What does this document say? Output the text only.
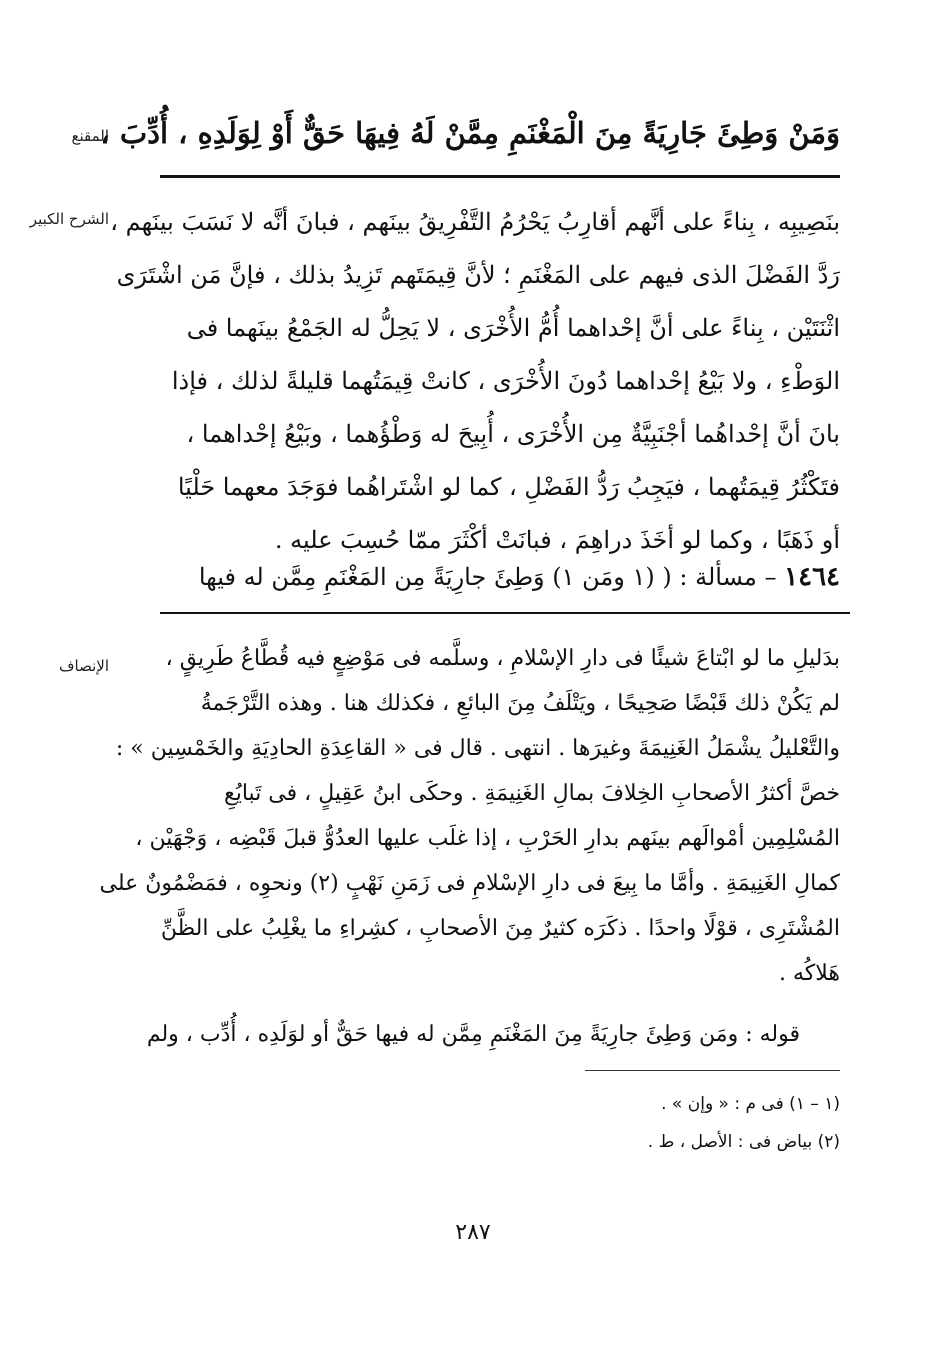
المقنع
وَمَنْ وَطِئَ جَارِيَةً مِنَ الْمَغْنَمِ مِمَّنْ لَهُ فِيهَا حَقٌّ أَوْ لِوَلَدِهِ ، أُدِّبَ ،
الشرح الكبير بنَصِيبِه ، بِناءً على أنَّهم أقارِبُ يَحْرُمُ التَّفْرِيقُ بينَهم ، فبانَ أنَّه لا نَسَبَ بينَهم ،
رَدَّ الفَضْلَ الذى فيهم على المَغْنَمِ ؛ لأنَّ قِيمَتَهم تَزِيدُ بذلك ، فإنَّ مَن اشْتَرَى
اثْنَتَيْن ، بِناءً على أنَّ إحْداهما أُمُّ الأُخْرَى ، لا يَحِلُّ له الجَمْعُ بينَهما فى
الوَطْءِ ، ولا بَيْعُ إحْداهما دُونَ الأُخْرَى ، كانتْ قِيمَتُهما قليلةً لذلك ، فإذا
بانَ أنَّ إحْداهُما أجْنَبِيَّةٌ مِن الأُخْرَى ، أُبِيحَ له وَطْؤُهما ، وبَيْعُ إحْداهما ،
فتَكْثُرُ قِيمَتُهما ، فيَجِبُ رَدُّ الفَضْلِ ، كما لو اشْتَراهُما فوَجَدَ معهما حَلْيًا
أو ذَهَبًا ، وكما لو أخَذَ دراهِمَ ، فبانَتْ أكْثَرَ ممّا حُسِبَ عليه .
١٤٦٤ – مسألة : ( (١ ومَن ١) وَطِئَ جارِيَةً مِن المَغْنَمِ مِمَّن له فيها
الإنصاف	بدَليلِ ما لو ابْتاعَ شيئًا فى دارِ الإسْلامِ ، وسلَّمه فى مَوْضِعٍ فيه قُطَّاعُ طَرِيقٍ ،
لم يَكُنْ ذلك قَبْضًا صَحِيحًا ، ويَتْلَفُ مِنَ البائعِ ، فكذلك هنا . وهذه التَّرْجَمةُ
والتَّعْليلُ يشْمَلُ الغَنِيمَةَ وغيرَها . انتهى . قال فى « القاعِدَةِ الحادِيَةِ والخَمْسِين » :
خصَّ أكثرُ الأصحابِ الخِلافَ بمالِ الغَنِيمَةِ . وحكَى ابنُ عَقِيلٍ ، فى تَبايُعِ
المُسْلِمِين أمْوالَهم بينَهم بدارِ الحَرْبِ ، إذا غلَب عليها العدُوُّ قبلَ قَبْضِه ، وَجْهَيْن ،
كمالِ الغَنِيمَةِ . وأمَّا ما بِيعَ فى دارِ الإسْلامِ فى زَمَنِ نَهْبٍ (٢) ونحوِه ، فمَضْمُونٌ على
المُشْتَرِى ، قوْلًا واحدًا . ذكَرَه كثيرٌ مِنَ الأصحابِ ، كشِراءِ ما يغْلِبُ على الظَّنِّ
هَلاكُه .
قوله : ومَن وَطِئَ جارِيَةً مِنَ المَغْنَمِ مِمَّن له فيها حَقٌّ أو لوَلَدِه ، أُدِّب ، ولم
(١ – ١) فى م : « وإن » .
(٢) بياض فى : الأصل ، ط .
٢٨٧
